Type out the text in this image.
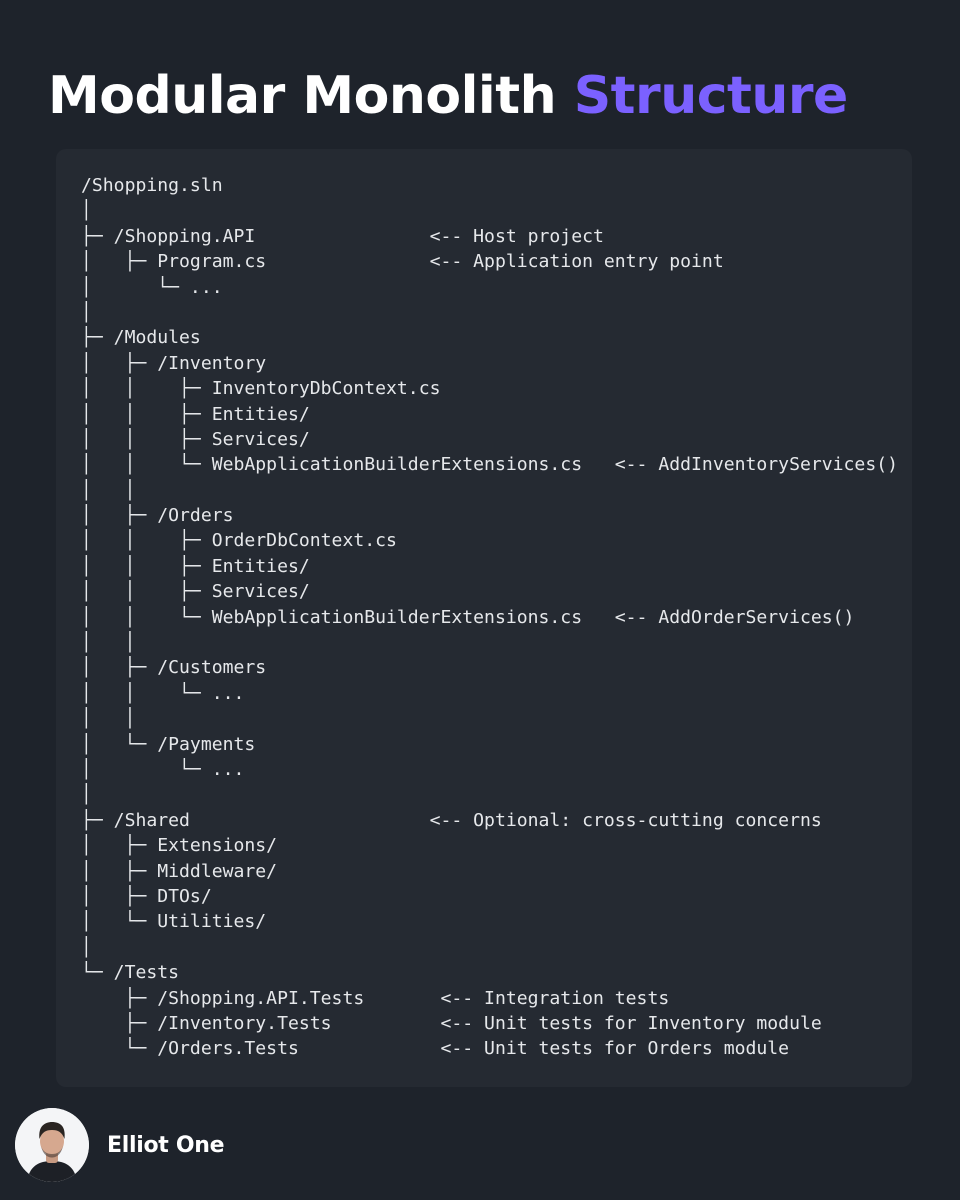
Modular Monolith Structure
/Shopping.sln
│
├─ /Shopping.API                <-- Host project
│   ├─ Program.cs               <-- Application entry point
│      └─ ...
│
├─ /Modules
│   ├─ /Inventory
│   │    ├─ InventoryDbContext.cs
│   │    ├─ Entities/
│   │    ├─ Services/
│   │    └─ WebApplicationBuilderExtensions.cs   <-- AddInventoryServices()
│   │
│   ├─ /Orders
│   │    ├─ OrderDbContext.cs
│   │    ├─ Entities/
│   │    ├─ Services/
│   │    └─ WebApplicationBuilderExtensions.cs   <-- AddOrderServices()
│   │
│   ├─ /Customers
│   │    └─ ...
│   │
│   └─ /Payments
│        └─ ...
│
├─ /Shared                      <-- Optional: cross-cutting concerns
│   ├─ Extensions/
│   ├─ Middleware/
│   ├─ DTOs/
│   └─ Utilities/
│
└─ /Tests
├─ /Shopping.API.Tests       <-- Integration tests
├─ /Inventory.Tests          <-- Unit tests for Inventory module
└─ /Orders.Tests             <-- Unit tests for Orders module
Elliot One
